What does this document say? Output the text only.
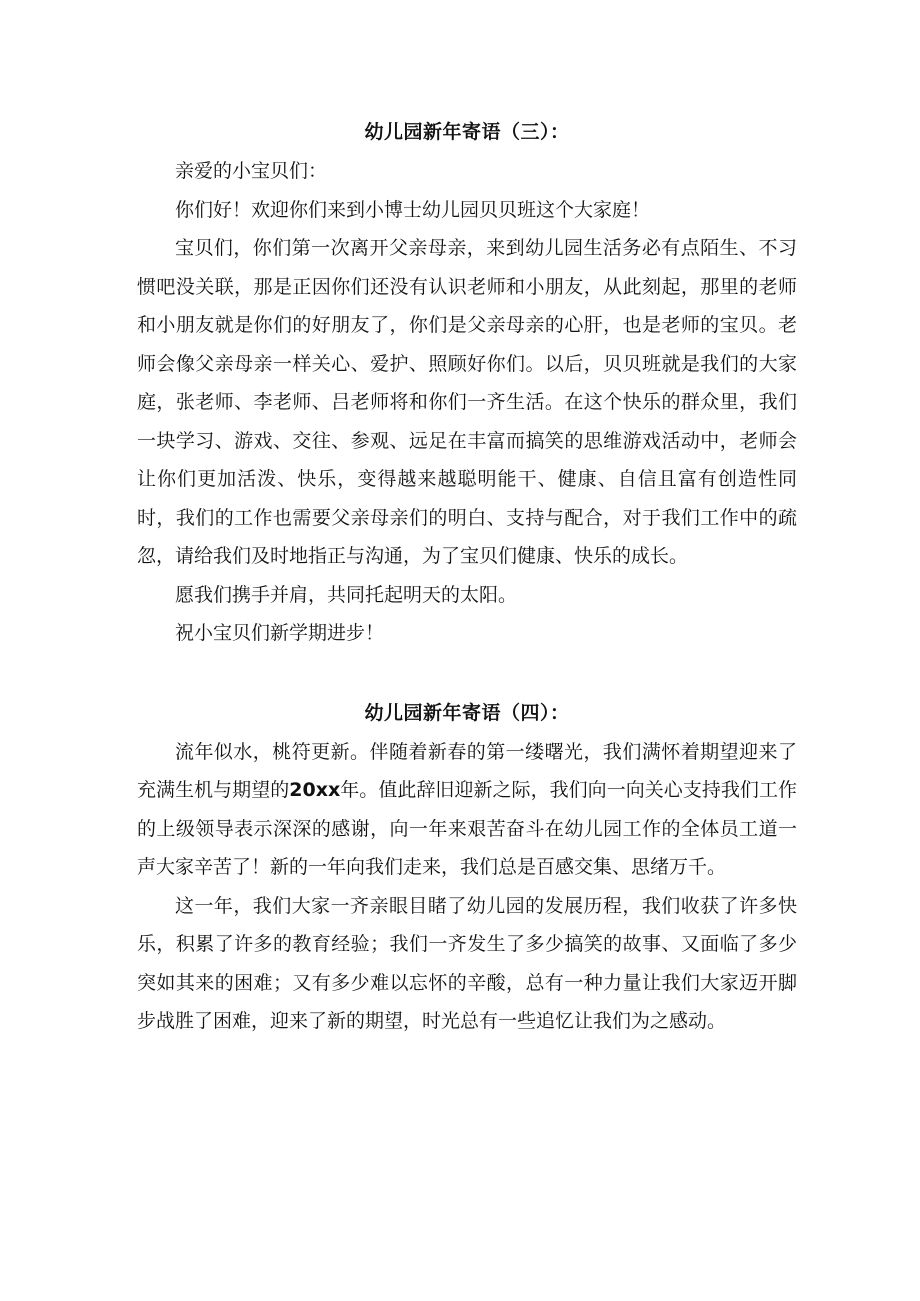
幼儿园新年寄语（三）：

亲爱的小宝贝们：

你们好！欢迎你们来到小博士幼儿园贝贝班这个大家庭！

宝贝们，你们第一次离开父亲母亲，来到幼儿园生活务必有点陌生、不习惯吧没关联，那是正因你们还没有认识老师和小朋友，从此刻起，那里的老师和小朋友就是你们的好朋友了，你们是父亲母亲的心肝，也是老师的宝贝。老师会像父亲母亲一样关心、爱护、照顾好你们。以后，贝贝班就是我们的大家庭，张老师、李老师、吕老师将和你们一齐生活。在这个快乐的群众里，我们一块学习、游戏、交往、参观、远足在丰富而搞笑的思维游戏活动中，老师会让你们更加活泼、快乐，变得越来越聪明能干、健康、自信且富有创造性同时，我们的工作也需要父亲母亲们的明白、支持与配合，对于我们工作中的疏忽，请给我们及时地指正与沟通，为了宝贝们健康、快乐的成长。

愿我们携手并肩，共同托起明天的太阳。

祝小宝贝们新学期进步！

幼儿园新年寄语（四）：

流年似水，桃符更新。伴随着新春的第一缕曙光，我们满怀着期望迎来了充满生机与期望的20xx年。值此辞旧迎新之际，我们向一向关心支持我们工作的上级领导表示深深的感谢，向一年来艰苦奋斗在幼儿园工作的全体员工道一声大家辛苦了！新的一年向我们走来，我们总是百感交集、思绪万千。

这一年，我们大家一齐亲眼目睹了幼儿园的发展历程，我们收获了许多快乐，积累了许多的教育经验；我们一齐发生了多少搞笑的故事、又面临了多少突如其来的困难；又有多少难以忘怀的辛酸，总有一种力量让我们大家迈开脚步战胜了困难，迎来了新的期望，时光总有一些追忆让我们为之感动。
